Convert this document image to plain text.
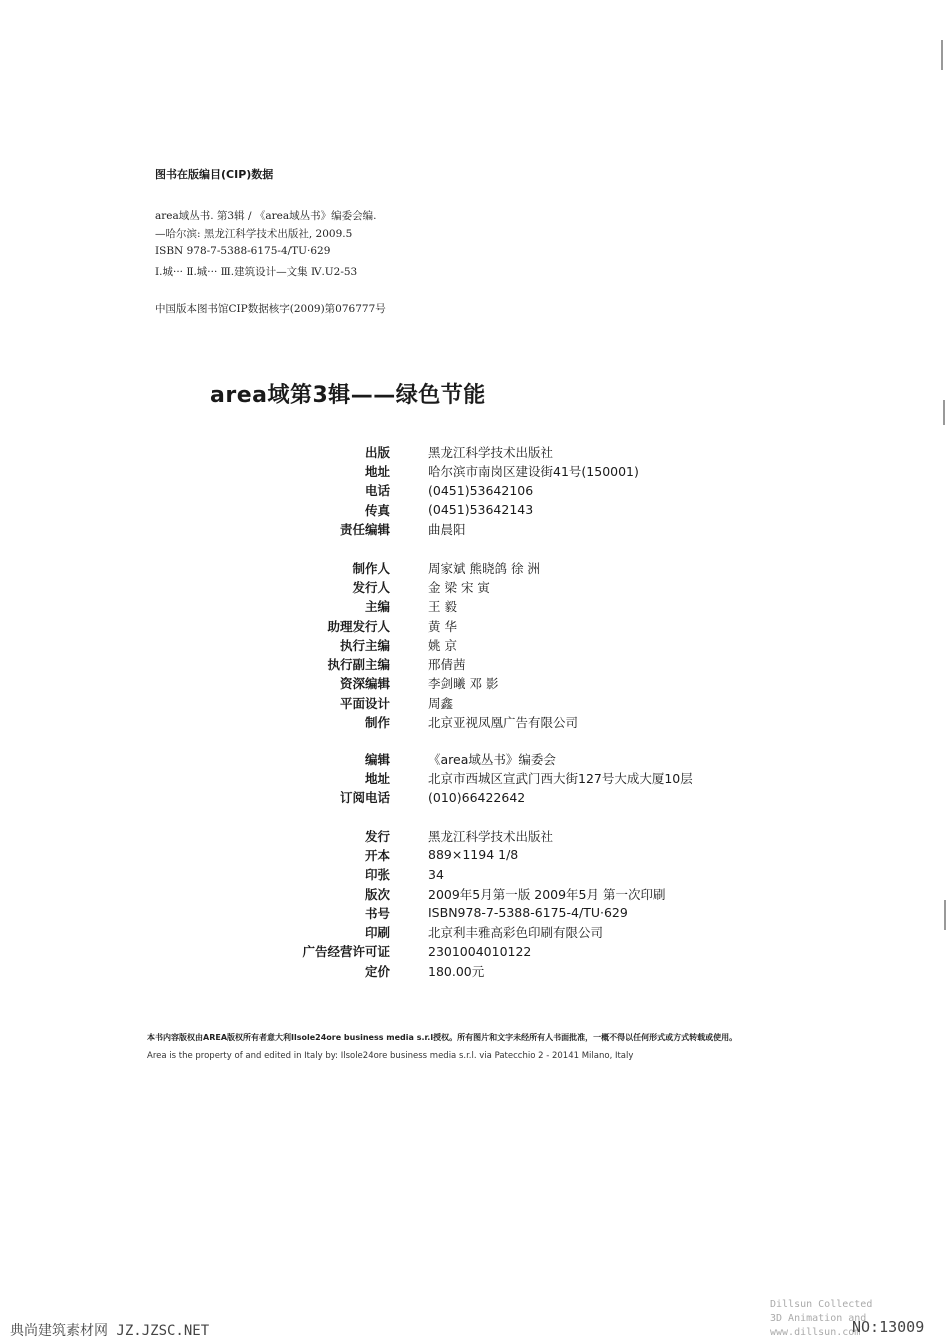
图书在版编目(CIP)数据
area域丛书. 第3辑 / 《area域丛书》编委会编.
—哈尔滨: 黑龙江科学技术出版社, 2009.5
ISBN 978-7-5388-6175-4/TU·629
Ⅰ.城··· Ⅱ.城··· Ⅲ.建筑设计—文集 Ⅳ.U2-53
中国版本图书馆CIP数据核字(2009)第076777号
area域第3辑——绿色节能
出版	黑龙江科学技术出版社
地址	哈尔滨市南岗区建设街41号(150001)
电话	(0451)53642106
传真	(0451)53642143
责任编辑	曲晨阳
制作人	周家斌 熊晓鸽 徐 洲
发行人	金 梁 宋 寅
主编	王 毅
助理发行人	黄 华
执行主编	姚 京
执行副主编	邢倩茜
资深编辑	李剑曦 邓 影
平面设计	周鑫
制作	北京亚视凤凰广告有限公司
编辑	《area域丛书》编委会
地址	北京市西城区宣武门西大街127号大成大厦10层
订阅电话	(010)66422642
发行	黑龙江科学技术出版社
开本	889×1194 1/8
印张	34
版次	2009年5月第一版 2009年5月 第一次印刷
书号	ISBN978-7-5388-6175-4/TU·629
印刷	北京利丰雅高彩色印刷有限公司
广告经营许可证	2301004010122
定价	180.00元
本书内容版权由AREA版权所有者意大利Ilsole24ore business media s.r.l授权。所有图片和文字未经所有人书面批准，一概不得以任何形式或方式转载或使用。
Area is the property of and edited in Italy by: Ilsole24ore business media s.r.l. via Patecchio 2 - 20141 Milano, Italy
典尚建筑素材网 JZ.JZSC.NET
Dillsun Collected
3D Animation and
www.dillsun.com
NO:13009
